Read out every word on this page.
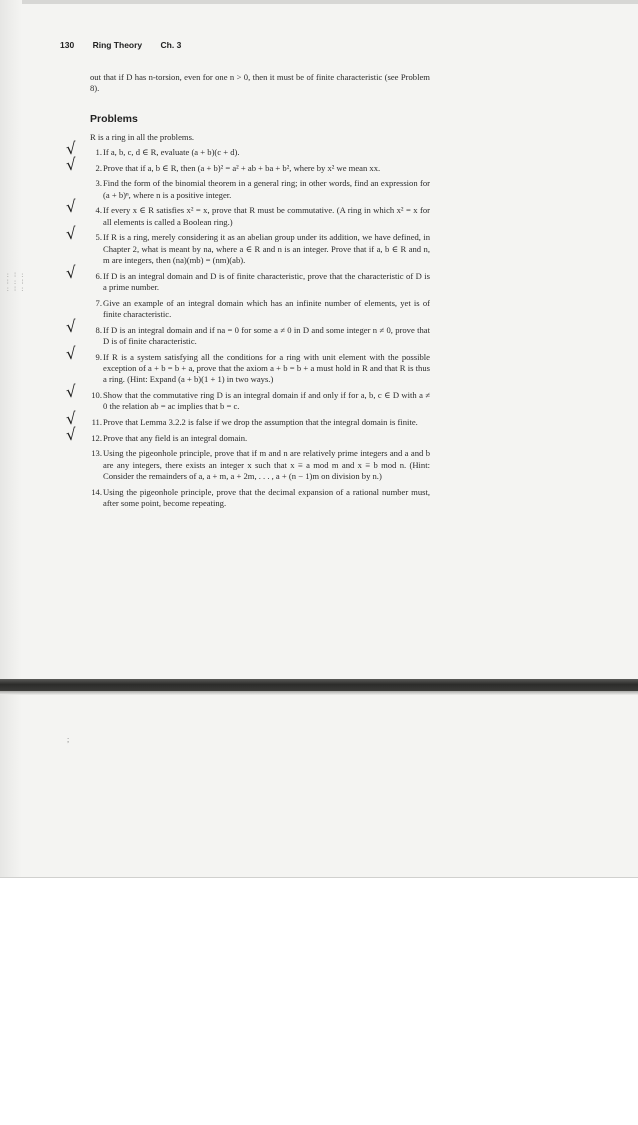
130 Ring Theory Ch. 3
: ⁞ :
⁞ : ⁞
: ⁞ :

out that if D has n-torsion, even for one n > 0, then it must be of finite characteristic (see Problem 8).

Problems

R is a ring in all the problems.

√	1. If a, b, c, d ∈ R, evaluate (a + b)(c + d).
√	2. Prove that if a, b ∈ R, then (a + b)² = a² + ab + ba + b², where by x² we mean xx.
3. Find the form of the binomial theorem in a general ring; in other words, find an expression for (a + b)ⁿ, where n is a positive integer.
√	4. If every x ∈ R satisfies x² = x, prove that R must be commutative. (A ring in which x² = x for all elements is called a Boolean ring.)
√	5. If R is a ring, merely considering it as an abelian group under its addition, we have defined, in Chapter 2, what is meant by na, where a ∈ R and n is an integer. Prove that if a, b ∈ R and n, m are integers, then (na)(mb) = (nm)(ab).
√	6. If D is an integral domain and D is of finite characteristic, prove that the characteristic of D is a prime number.
7. Give an example of an integral domain which has an infinite number of elements, yet is of finite characteristic.
√	8. If D is an integral domain and if na = 0 for some a ≠ 0 in D and some integer n ≠ 0, prove that D is of finite characteristic.
√	9. If R is a system satisfying all the conditions for a ring with unit element with the possible exception of a + b = b + a, prove that the axiom a + b = b + a must hold in R and that R is thus a ring. (Hint: Expand (a + b)(1 + 1) in two ways.)
√	10. Show that the commutative ring D is an integral domain if and only if for a, b, c ∈ D with a ≠ 0 the relation ab = ac implies that b = c.
√	11. Prove that Lemma 3.2.2 is false if we drop the assumption that the integral domain is finite.
√	12. Prove that any field is an integral domain.
13. Using the pigeonhole principle, prove that if m and n are relatively prime integers and a and b are any integers, there exists an integer x such that x ≡ a mod m and x ≡ b mod n. (Hint: Consider the remainders of a, a + m, a + 2m, . . . , a + (n − 1)m on division by n.)
14. Using the pigeonhole principle, prove that the decimal expansion of a rational number must, after some point, become repeating.
;
